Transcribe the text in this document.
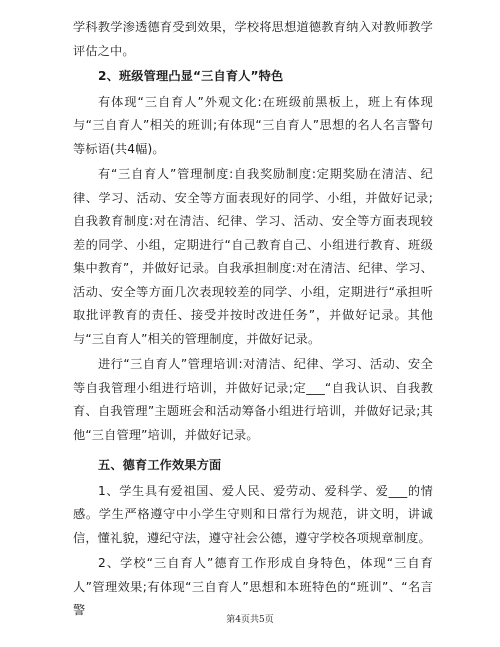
学科教学渗透德育受到效果，学校将思想道德教育纳入对教师教学评估之中。

2、班级管理凸显“三自育人”特色

有体现“三自育人”外观文化:在班级前黑板上，班上有体现与“三自育人”相关的班训;有体现“三自育人”思想的名人名言警句等标语(共4幅)。

有“三自育人”管理制度:自我奖励制度:定期奖励在清洁、纪律、学习、活动、安全等方面表现好的同学、小组，并做好记录;自我教育制度:对在清洁、纪律、学习、活动、安全等方面表现较差的同学、小组，定期进行“自己教育自己、小组进行教育、班级集中教育”，并做好记录。自我承担制度:对在清洁、纪律、学习、活动、安全等方面几次表现较差的同学、小组，定期进行“承担听取批评教育的责任、接受并按时改进任务”，并做好记录。其他与“三自育人”相关的管理制度，并做好记录。

进行“三自育人”管理培训:对清洁、纪律、学习、活动、安全等自我管理小组进行培训，并做好记录;定___“自我认识、自我教育、自我管理”主题班会和活动筹备小组进行培训，并做好记录;其他“三自管理”培训，并做好记录。

五、德育工作效果方面

1、学生具有爱祖国、爱人民、爱劳动、爱科学、爱___的情感。学生严格遵守中小学生守则和日常行为规范，讲文明，讲诚信，懂礼貌，遵纪守法，遵守社会公德，遵守学校各项规章制度。

2、学校“三自育人”德育工作形成自身特色，体现“三自育人”管理效果;有体现“三自育人”思想和本班特色的“班训”、“名言警

第4页共5页
